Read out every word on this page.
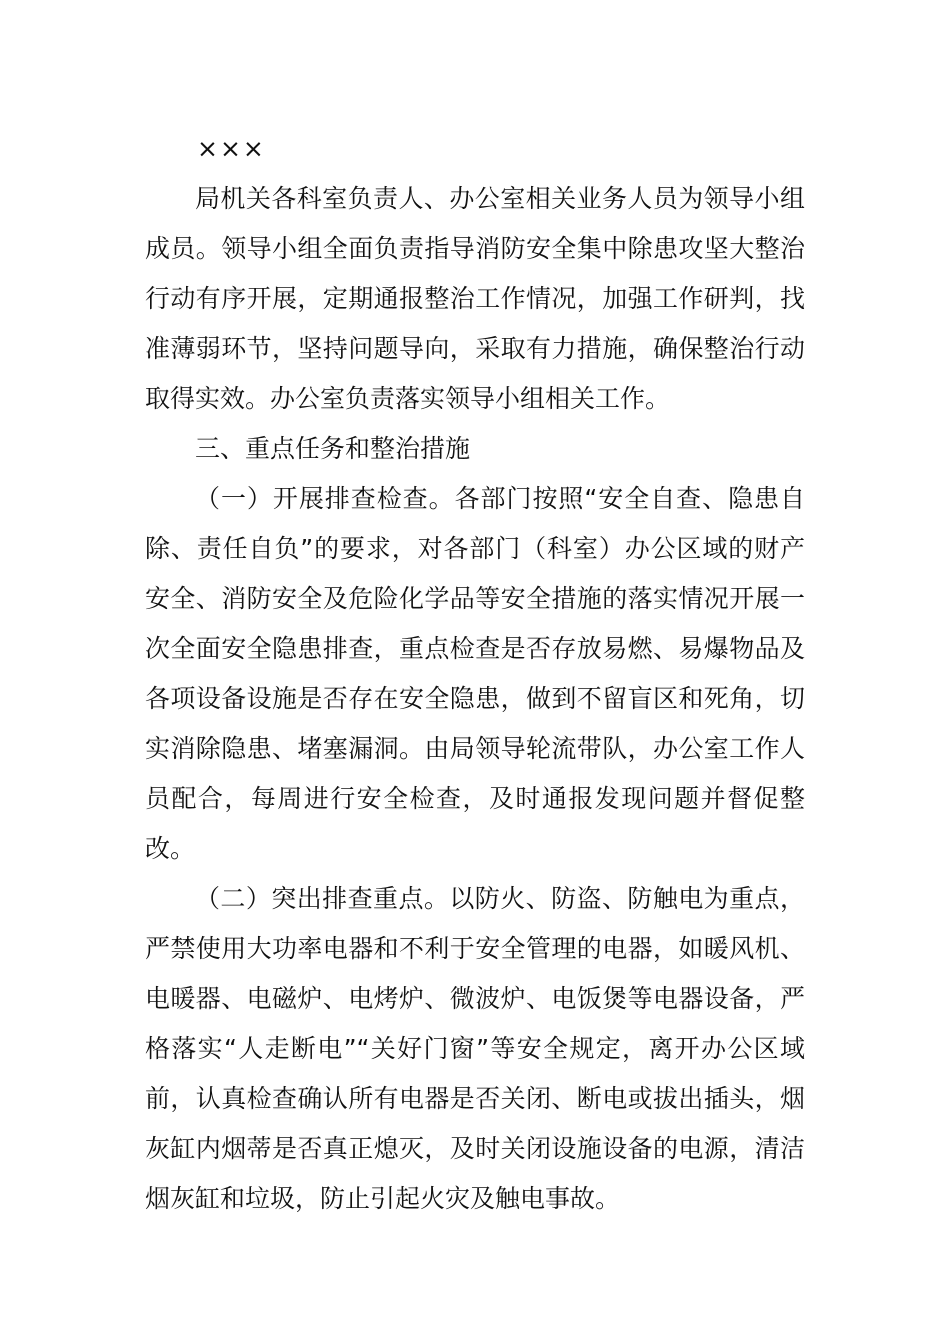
×××

局机关各科室负责人、办公室相关业务人员为领导小组成员。领导小组全面负责指导消防安全集中除患攻坚大整治行动有序开展，定期通报整治工作情况，加强工作研判，找准薄弱环节，坚持问题导向，采取有力措施，确保整治行动取得实效。办公室负责落实领导小组相关工作。

三、重点任务和整治措施

（一）开展排查检查。各部门按照“安全自查、隐患自除、责任自负”的要求，对各部门（科室）办公区域的财产安全、消防安全及危险化学品等安全措施的落实情况开展一次全面安全隐患排查，重点检查是否存放易燃、易爆物品及各项设备设施是否存在安全隐患，做到不留盲区和死角，切实消除隐患、堵塞漏洞。由局领导轮流带队，办公室工作人员配合，每周进行安全检查，及时通报发现问题并督促整改。

（二）突出排查重点。以防火、防盗、防触电为重点，严禁使用大功率电器和不利于安全管理的电器，如暖风机、电暖器、电磁炉、电烤炉、微波炉、电饭煲等电器设备，严格落实“人走断电”“关好门窗”等安全规定，离开办公区域前，认真检查确认所有电器是否关闭、断电或拔出插头，烟灰缸内烟蒂是否真正熄灭，及时关闭设施设备的电源，清洁烟灰缸和垃圾，防止引起火灾及触电事故。
